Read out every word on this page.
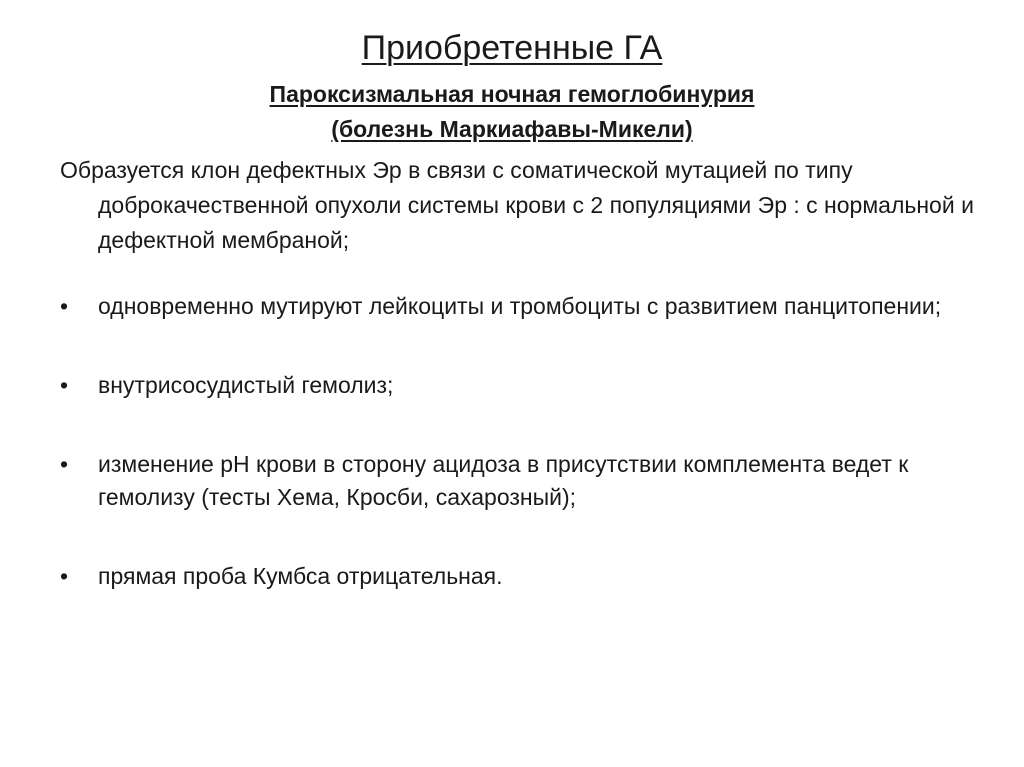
Приобретенные ГА
Пароксизмальная ночная гемоглобинурия
(болезнь Маркиафавы-Микели)
Образуется клон дефектных Эр в связи с соматической мутацией по типу
доброкачественной опухоли системы крови с 2 популяциями Эр : с нормальной и дефектной мембраной;
•	одновременно мутируют лейкоциты и тромбоциты с развитием панцитопении;
•	внутрисосудистый гемолиз;
•	изменение рН крови в сторону ацидоза в присутствии комплемента ведет к гемолизу (тесты Хема, Кросби, сахарозный);
•	прямая проба Кумбса отрицательная.
